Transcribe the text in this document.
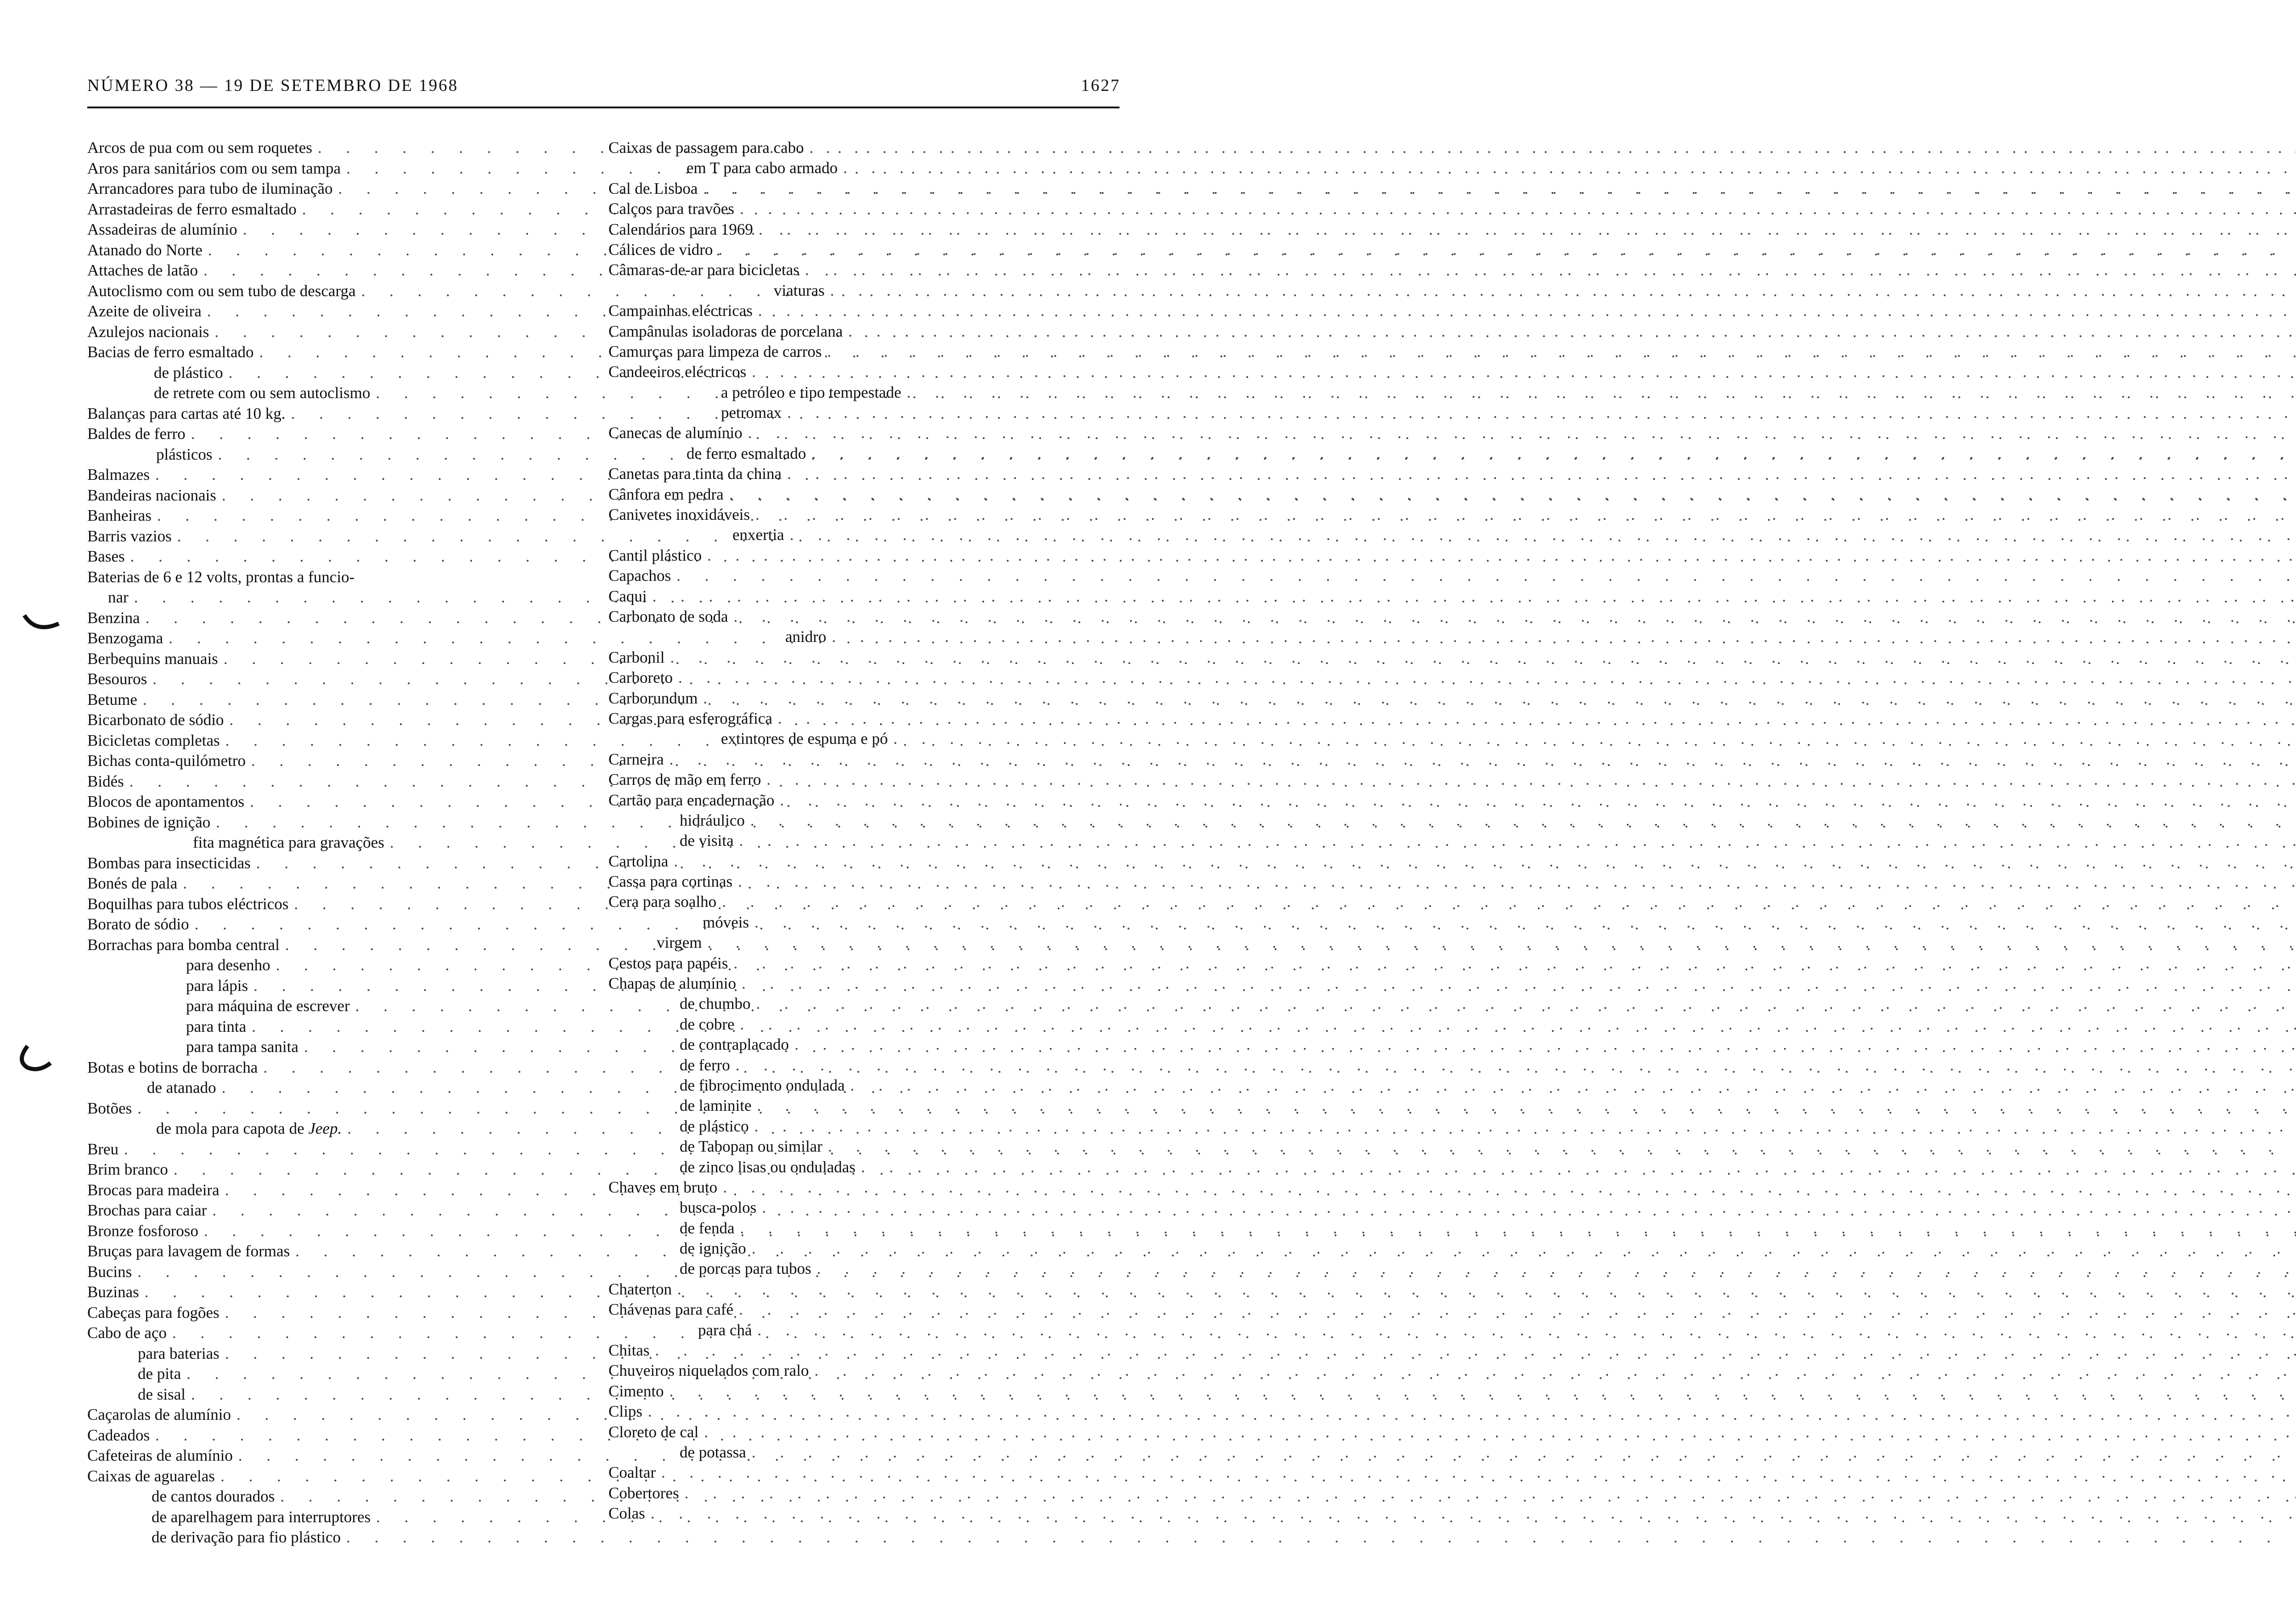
NÚMERO 38 — 19 DE SETEMBRO DE 1968	1627
Arcos de pua com ou sem roquetes
. . .
Aros para sanitários com ou sem tampa
. . .
Arrancadores para tubo de iluminação
. . .
Arrastadeiras de ferro esmaltado
. . .
Assadeiras de alumínio
. . .
Atanado do Norte
. . .
Attaches de latão
. . .
Autoclismo com ou sem tubo de descarga
. . .
Azeite de oliveira
. . .
Azulejos nacionais
. . .
Bacias de ferro esmaltado
. . .
de plástico
. . .
de retrete com ou sem autoclismo
. . .
Balanças para cartas até 10 kg.
. . .
Baldes de ferro
. . .
plásticos
. . .
Balmazes
. . .
Bandeiras nacionais
. . .
Banheiras
. . .
Barris vazios
. . .
Bases
. . .
Baterias de 6 e 12 volts, prontas a funcio-
nar
. . .
Benzina
. . .
Benzogama
. . .
Berbequins manuais
. . .
Besouros
. . .
Betume
. . .
Bicarbonato de sódio
. . .
Bicicletas completas
. . .
Bichas conta-quilómetro
. . .
Bidés
. . .
Blocos de apontamentos
. . .
Bobines de ignição
. . .
fita magnética para gravações
. . .
Bombas para insecticidas
. . .
Bonés de pala
. . .
Boquilhas para tubos eléctricos
. . .
Borato de sódio
. . .
Borrachas para bomba central
. . .
para desenho
. . .
para lápis
. . .
para máquina de escrever
. . .
para tinta
. . .
para tampa sanita
. . .
Botas e botins de borracha
. . .
de atanado
. . .
Botões
. . .
de mola para capota de Jeep.
. . .
Breu
. . .
Brim branco
. . .
Brocas para madeira
. . .
Brochas para caiar
. . .
Bronze fosforoso
. . .
Bruças para lavagem de formas
. . .
Bucins
. . .
Buzinas
. . .
Cabeças para fogões
. . .
Cabo de aço
. . .
para baterias
. . .
de pita
. . .
de sisal
. . .
Caçarolas de alumínio
. . .
Cadeados
. . .
Cafeteiras de alumínio
. . .
Caixas de aguarelas
. . .
de cantos dourados
. . .
de aparelhagem para interruptores
. . .
de derivação para fio plástico
. . .
Caixas de passagem para cabo
. . .
em T para cabo armado
. . .
Cal de Lisboa
. . .
Calços para travões
. . .
Calendários para 1969
. . .
Cálices de vidro
. . .
Câmaras-de-ar para bicicletas
. . .
viaturas
. . .
Campainhas eléctricas
. . .
Campânulas isoladoras de porcelana
. . .
Camurças para limpeza de carros
. . .
Candeeiros eléctricos
. . .
a petróleo e tipo tempestade
. . .
petromax
. . .
Canecas de alumínio
. . .
de ferro esmaltado
. . .
Canetas para tinta da china
. . .
Cânfora em pedra
. . .
Canivetes inoxidáveis
. . .
enxertia
. . .
Cantil plástico
. . .
Capachos
. . .
Caqui
. . .
Carbonato de soda
. . .
anidro
. . .
Carbonil
. . .
Carboreto
. . .
Carborundum
. . .
Cargas para esferográfica
. . .
extintores de espuma e pó
. . .
Carneira
. . .
Carros de mão em ferro
. . .
Cartão para encadernação
. . .
hidráulico
. . .
de visita
. . .
Cartolina
. . .
Cassa para cortinas
. . .
Cera para soalho
. . .
móveis
. . .
virgem
. . .
Cestos para papéis
. . .
Chapas de alumínio
. . .
de chumbo
. . .
de cobre
. . .
de contraplacado
. . .
de ferro
. . .
de fibrocimento ondulada
. . .
de laminite
. . .
de plástico
. . .
de Tabopan ou similar
. . .
de zinco lisas ou onduladas
. . .
Chaves em bruto
. . .
busca-polos
. . .
de fenda
. . .
de ignição
. . .
de porcas para tubos
. . .
Chaterton
. . .
Chávenas para café
. . .
para chá
. . .
Chitas
. . .
Chuveiros niquelados com ralo
. . .
Cimento
. . .
Clips
. . .
Cloreto de cal
. . .
de potassa
. . .
Coaltar
. . .
Cobertores
. . .
Colas
. . .
